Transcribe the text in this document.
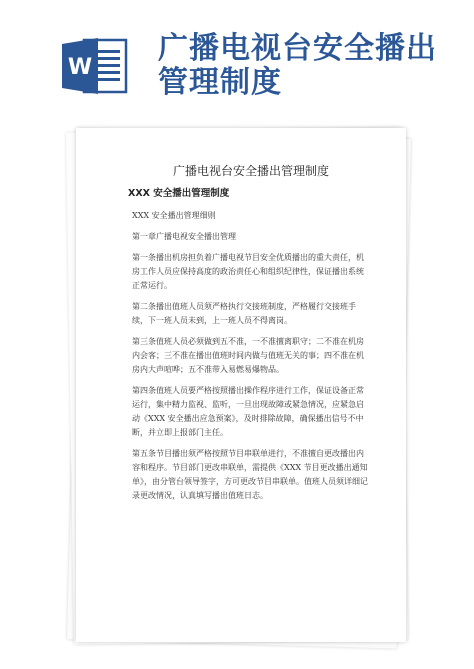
W
广播电视台安全播出管理制度
广播电视台安全播出管理制度
XXX 安全播出管理制度

XXX 安全播出管理细则

第一章广播电视安全播出管理

第一条播出机房担负着广播电视节目安全优质播出的重大责任，机房工作人员应保持高度的政治责任心和组织纪律性，保证播出系统正常运行。

第二条播出值班人员须严格执行交接班制度，严格履行交接班手续，下一班人员未到，上一班人员不得离岗。

第三条值班人员必须做到五不准，一不准擅离职守；二不准在机房内会客；三不准在播出值班时间内做与值班无关的事；四不准在机房内大声喧哗；五不准带入易燃易爆物品。

第四条值班人员要严格按照播出操作程序进行工作，保证设备正常运行，集中精力监视、监听，一旦出现故障或紧急情况，应紧急启动《XXX 安全播出应急预案》，及时排除故障，确保播出信号不中断，并立即上报部门主任。

第五条节目播出须严格按照节目串联单进行，不准擅自更改播出内容和程序。节目部门更改串联单，需提供《XXX 节目更改播出通知单》，由分管台领导签字，方可更改节目串联单。值班人员须详细记录更改情况，认真填写播出值班日志。
